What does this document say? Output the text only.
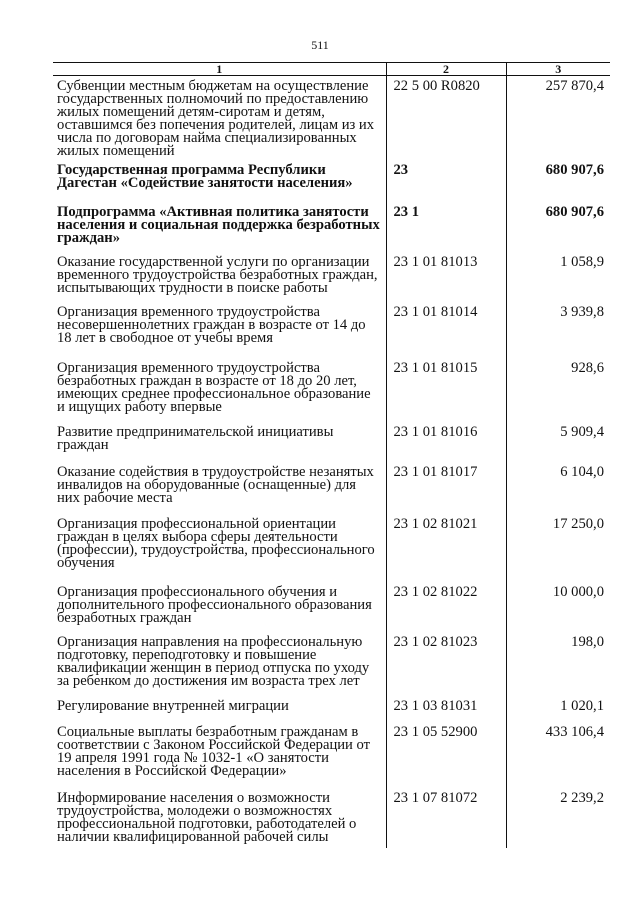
511
1	2	3
Субвенции местным бюджетам на осуществление государственных полномочий по предоставлению жилых помещений детям-сиротам и детям, оставшимся без попечения родителей, лицам из их числа по договорам найма специализированных жилых помещений	22 5 00 R0820	257 870,4
Государственная программа Республики Дагестан «Содействие занятости населения»	23	680 907,6
Подпрограмма «Активная политика занятости населения и социальная поддержка безработных граждан»	23 1	680 907,6
Оказание государственной услуги по организации временного трудоустройства безработных граждан, испытывающих трудности в поиске работы	23 1 01 81013	1 058,9
Организация временного трудоустройства несовершеннолетних граждан в возрасте от 14 до 18 лет в свободное от учебы время	23 1 01 81014	3 939,8
Организация временного трудоустройства безработных граждан в возрасте от 18 до 20 лет, имеющих среднее профессиональное образование и ищущих работу впервые	23 1 01 81015	928,6
Развитие предпринимательской инициативы граждан	23 1 01 81016	5 909,4
Оказание содействия в трудоустройстве незанятых инвалидов на оборудованные (оснащенные) для них рабочие места	23 1 01 81017	6 104,0
Организация профессиональной ориентации граждан в целях выбора сферы деятельности (профессии), трудоустройства, профессионального обучения	23 1 02 81021	17 250,0
Организация профессионального обучения и дополнительного профессионального образования безработных граждан	23 1 02 81022	10 000,0
Организация направления на профессиональную подготовку, переподготовку и повышение квалификации женщин в период отпуска по уходу за ребенком до достижения им возраста трех лет	23 1 02 81023	198,0
Регулирование внутренней миграции	23 1 03 81031	1 020,1
Социальные выплаты безработным гражданам в соответствии с Законом Российской Федерации от 19 апреля 1991 года № 1032-1 «О занятости населения в Российской Федерации»	23 1 05 52900	433 106,4
Информирование населения о возможности трудоустройства, молодежи о возможностях профессиональной подготовки, работодателей о наличии квалифицированной рабочей силы	23 1 07 81072	2 239,2
